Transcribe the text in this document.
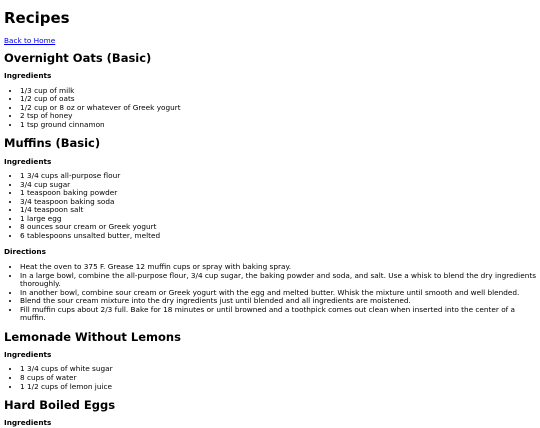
Recipes
Back to Home
Overnight Oats (Basic)
Ingredients
• 1/3 cup of milk
• 1/2 cup of oats
• 1/2 cup or 8 oz or whatever of Greek yogurt
• 2 tsp of honey
• 1 tsp ground cinnamon
Muffins (Basic)
Ingredients
• 1 3/4 cups all-purpose flour
• 3/4 cup sugar
• 1 teaspoon baking powder
• 3/4 teaspoon baking soda
• 1/4 teaspoon salt
• 1 large egg
• 8 ounces sour cream or Greek yogurt
• 6 tablespoons unsalted butter, melted
Directions
• Heat the oven to 375 F. Grease 12 muffin cups or spray with baking spray.
• In a large bowl, combine the all-purpose flour, 3/4 cup sugar, the baking powder and soda, and salt. Use a whisk to blend the dry ingredients thoroughly.
• In another bowl, combine sour cream or Greek yogurt with the egg and melted butter. Whisk the mixture until smooth and well blended.
• Blend the sour cream mixture into the dry ingredients just until blended and all ingredients are moistened.
• Fill muffin cups about 2/3 full. Bake for 18 minutes or until browned and a toothpick comes out clean when inserted into the center of a muffin.
Lemonade Without Lemons
Ingredients
• 1 3/4 cups of white sugar
• 8 cups of water
• 1 1/2 cups of lemon juice
Hard Boiled Eggs
Ingredients
